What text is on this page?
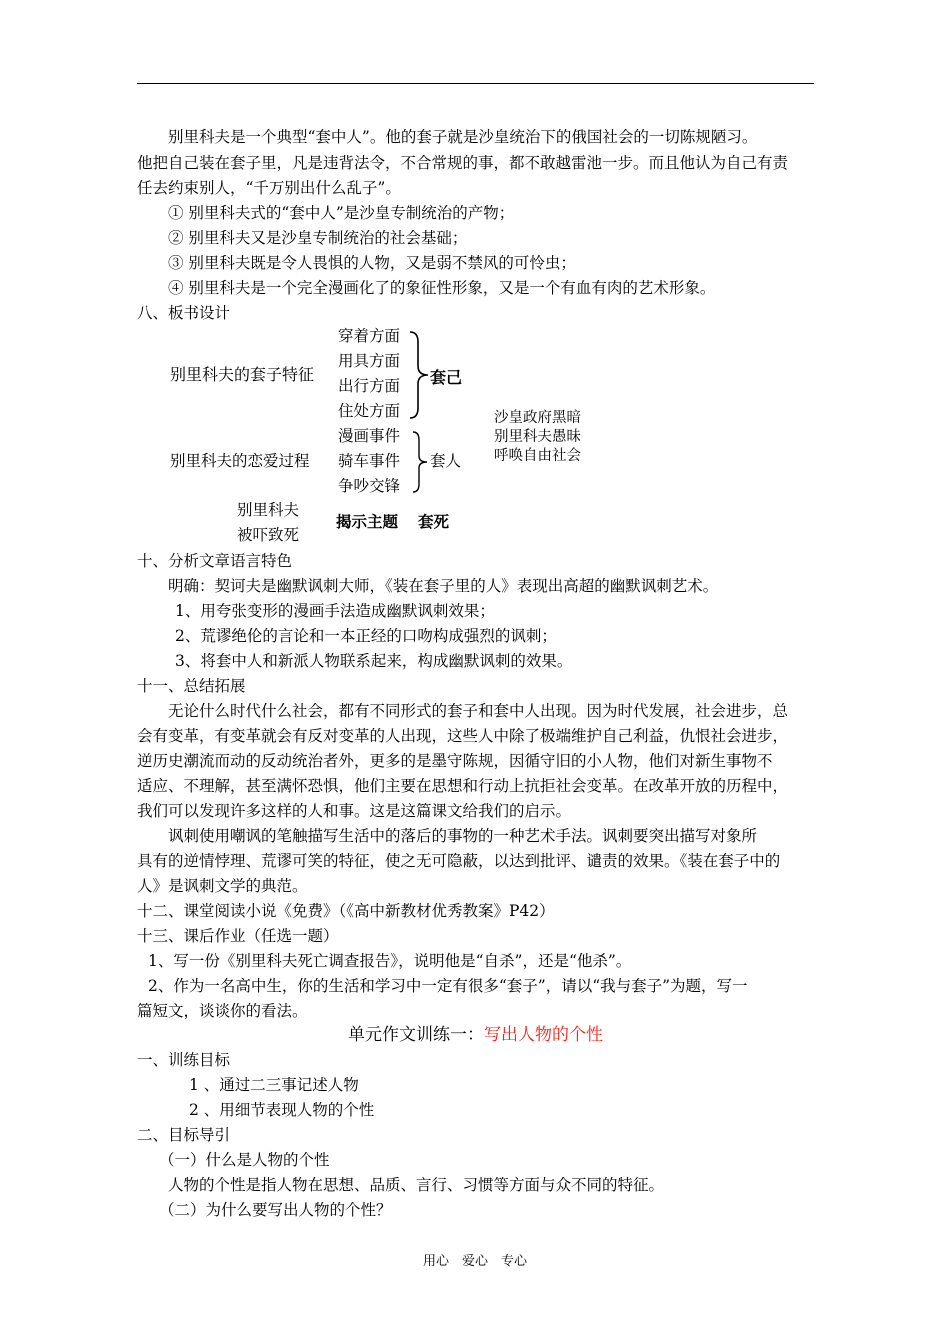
别里科夫是一个典型“套中人”。他的套子就是沙皇统治下的俄国社会的一切陈规陋习。
他把自己装在套子里，凡是违背法令，不合常规的事，都不敢越雷池一步。而且他认为自己有责
任去约束别人，“千万别出什么乱子”。
① 别里科夫式的“套中人”是沙皇专制统治的产物；
② 别里科夫又是沙皇专制统治的社会基础；
③ 别里科夫既是令人畏惧的人物，又是弱不禁风的可怜虫；
④ 别里科夫是一个完全漫画化了的象征性形象，又是一个有血有肉的艺术形象。
八、板书设计
别里科夫的套子特征
穿着方面
用具方面
出行方面
住处方面
套己
别里科夫的恋爱过程
漫画事件
骑车事件
争吵交锋
套人
沙皇政府黑暗
别里科夫愚昧
呼唤自由社会
别里科夫
被吓致死
揭示主题 套死
十、分析文章语言特色
明确：契诃夫是幽默讽刺大师，《装在套子里的人》表现出高超的幽默讽刺艺术。
1、用夸张变形的漫画手法造成幽默讽刺效果；
2、荒谬绝伦的言论和一本正经的口吻构成强烈的讽刺；
3、将套中人和新派人物联系起来，构成幽默讽刺的效果。
十一、总结拓展
无论什么时代什么社会，都有不同形式的套子和套中人出现。因为时代发展，社会进步，总
会有变革，有变革就会有反对变革的人出现，这些人中除了极端维护自己利益，仇恨社会进步，
逆历史潮流而动的反动统治者外，更多的是墨守陈规，因循守旧的小人物，他们对新生事物不
适应、不理解，甚至满怀恐惧，他们主要在思想和行动上抗拒社会变革。在改革开放的历程中，
我们可以发现许多这样的人和事。这是这篇课文给我们的启示。
讽刺使用嘲讽的笔触描写生活中的落后的事物的一种艺术手法。讽刺要突出描写对象所
具有的逆情悖理、荒谬可笑的特征，使之无可隐蔽，以达到批评、谴责的效果。《装在套子中的
人》是讽刺文学的典范。
十二、课堂阅读小说《免费》（《高中新教材优秀教案》P42）
十三、课后作业（任选一题）
1、写一份《别里科夫死亡调查报告》，说明他是“自杀”，还是“他杀”。
2、作为一名高中生，你的生活和学习中一定有很多“套子”，请以“我与套子”为题，写一
篇短文，谈谈你的看法。
单元作文训练一：写出人物的个性
一、训练目标
1 、通过二三事记述人物
2 、用细节表现人物的个性
二、目标导引
（一）什么是人物的个性
人物的个性是指人物在思想、品质、言行、习惯等方面与众不同的特征。
（二）为什么要写出人物的个性？
用心　爱心　专心
